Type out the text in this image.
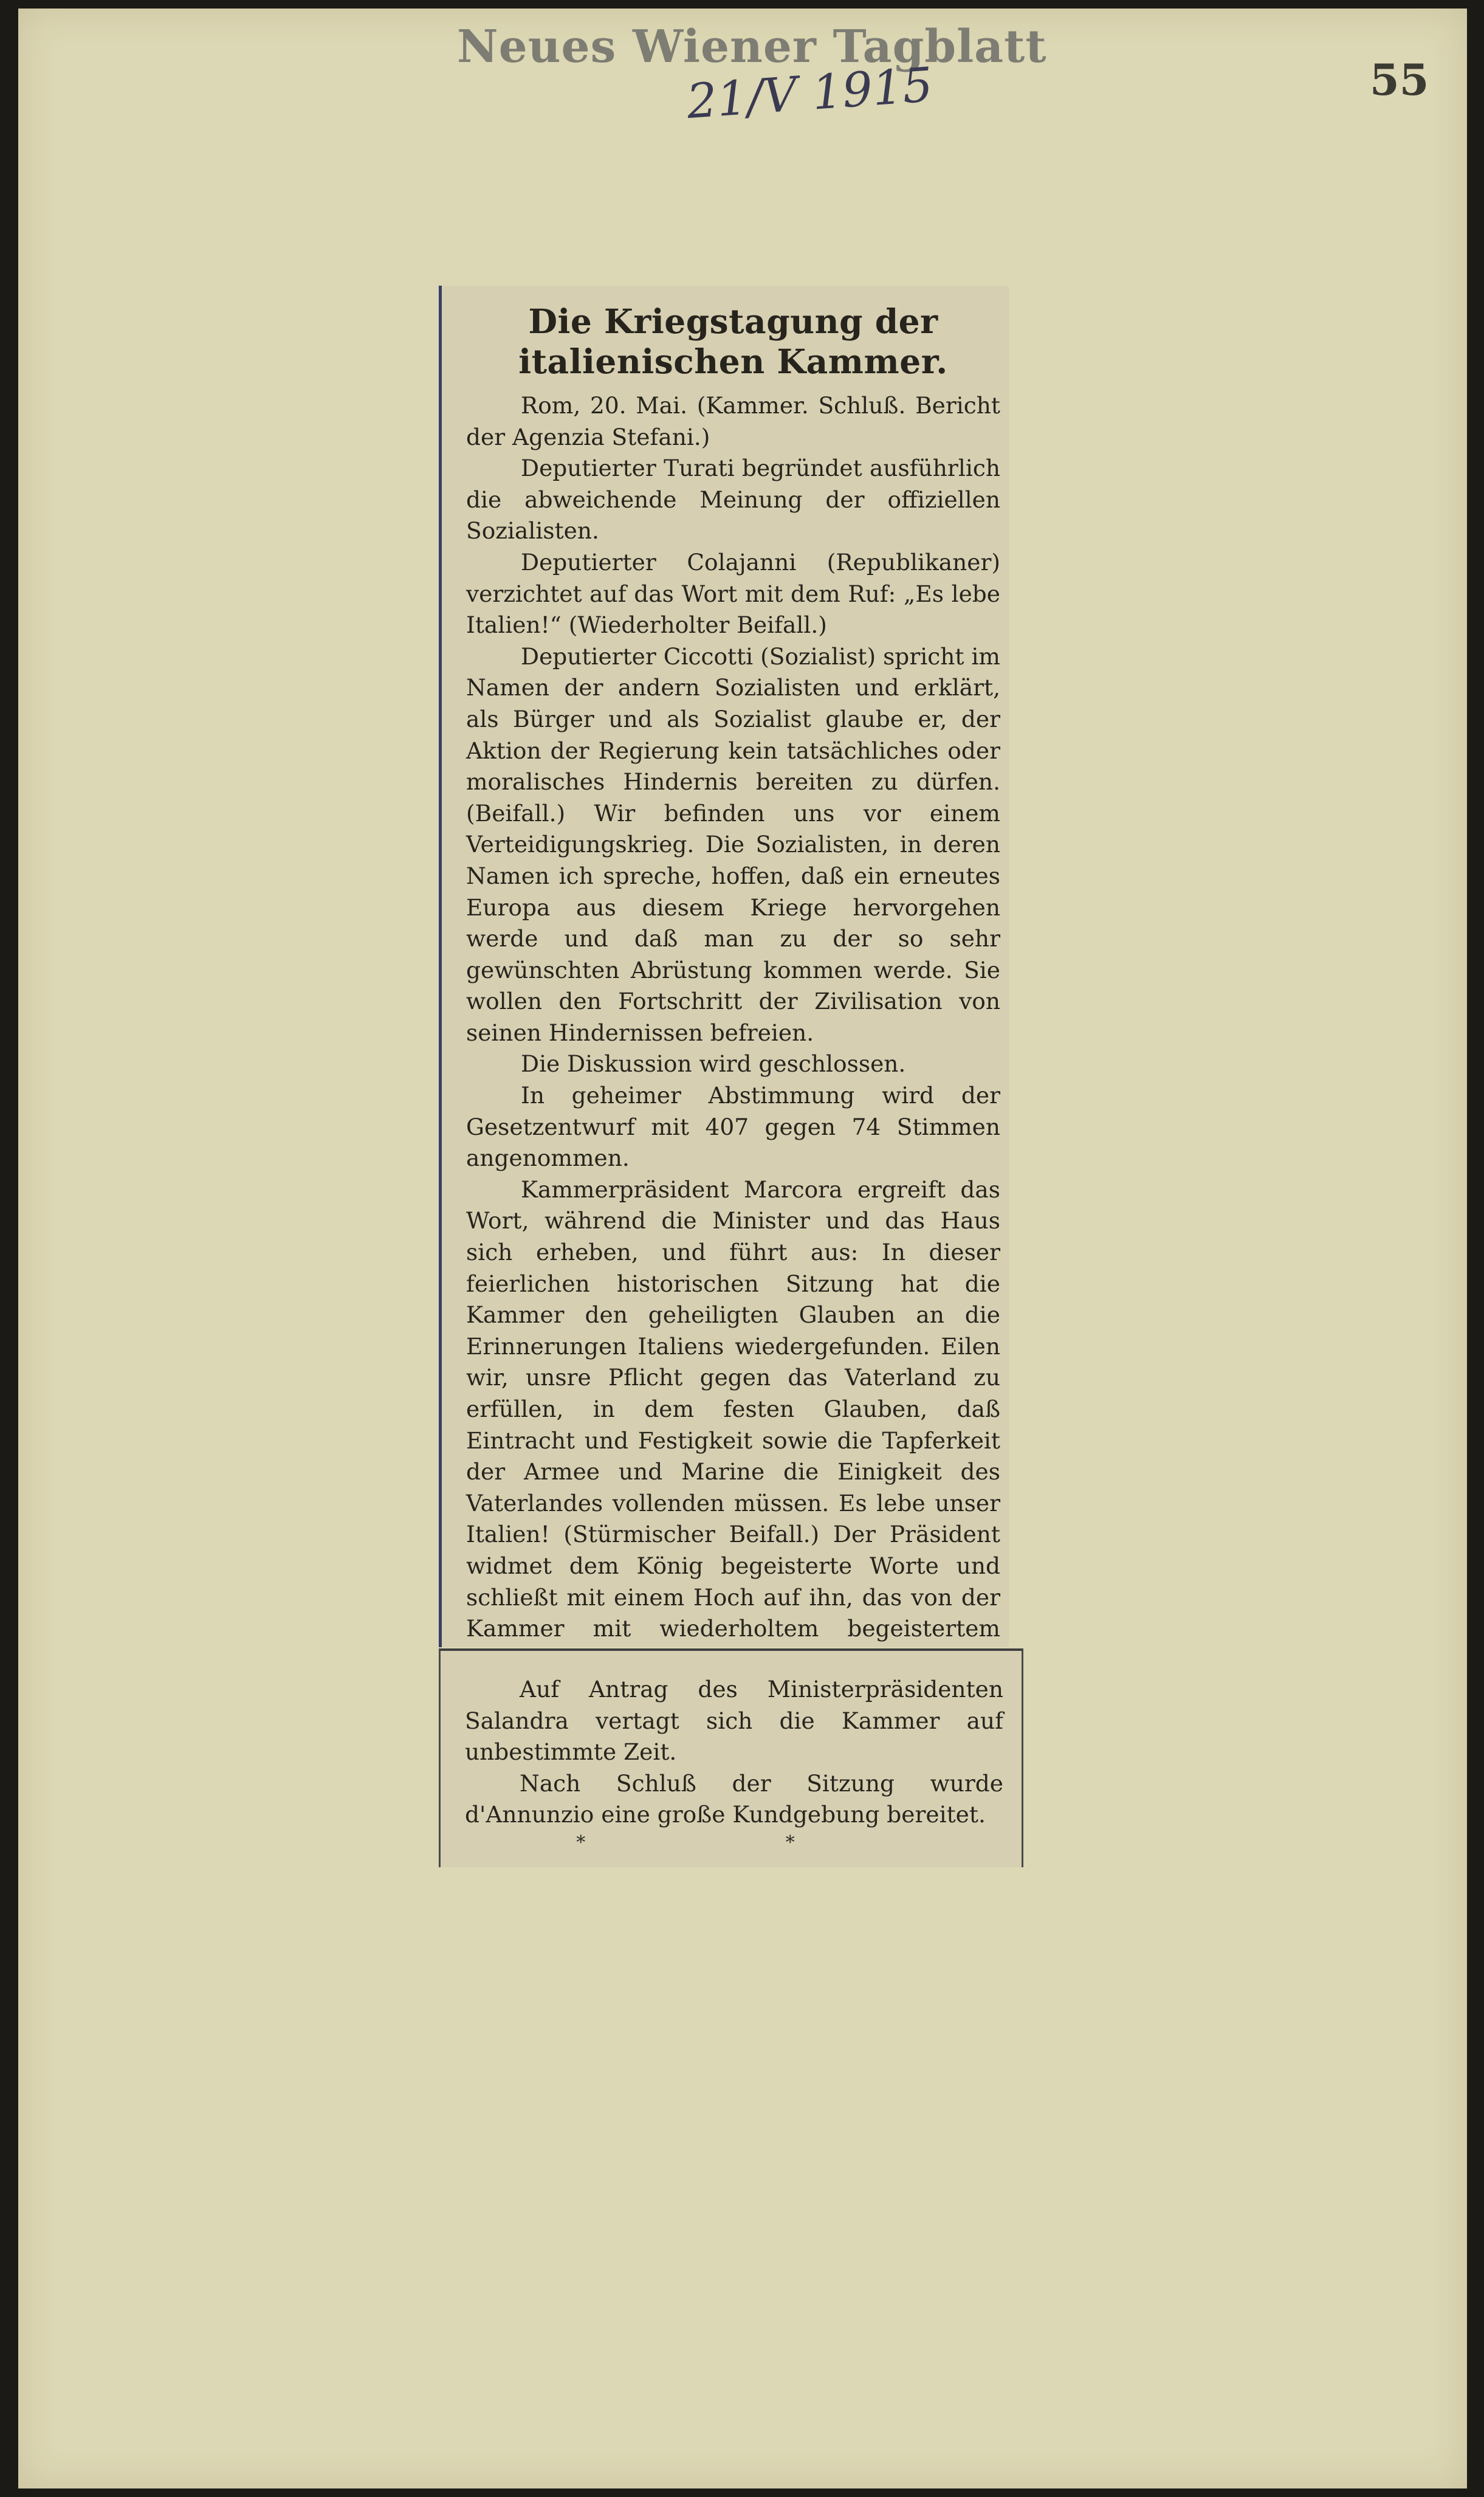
Neues Wiener Tagblatt
21/V 1915	55
Die Kriegstagung der italienischen Kammer.

Rom, 20. Mai. (Kammer. Schluß. Bericht der Agenzia Stefani.)

Deputierter Turati begründet ausführlich die abweichende Meinung der offiziellen Sozialisten.

Deputierter Colajanni (Republikaner) verzichtet auf das Wort mit dem Ruf: „Es lebe Italien!“ (Wiederholter Beifall.)

Deputierter Ciccotti (Sozialist) spricht im Namen der andern Sozialisten und erklärt, als Bürger und als Sozialist glaube er, der Aktion der Regierung kein tatsächliches oder moralisches Hindernis bereiten zu dürfen. (Beifall.) Wir befinden uns vor einem Verteidigungskrieg. Die Sozialisten, in deren Namen ich spreche, hoffen, daß ein erneutes Europa aus diesem Kriege hervorgehen werde und daß man zu der so sehr gewünschten Abrüstung kommen werde. Sie wollen den Fortschritt der Zivilisation von seinen Hindernissen befreien.

Die Diskussion wird geschlossen.

In geheimer Abstimmung wird der Gesetzentwurf mit 407 gegen 74 Stimmen angenommen.

Kammerpräsident Marcora ergreift das Wort, während die Minister und das Haus sich erheben, und führt aus: In dieser feierlichen historischen Sitzung hat die Kammer den geheiligten Glauben an die Erinnerungen Italiens wiedergefunden. Eilen wir, unsre Pflicht gegen das Vaterland zu erfüllen, in dem festen Glauben, daß Eintracht und Festigkeit sowie die Tapferkeit der Armee und Marine die Einigkeit des Vaterlandes vollenden müssen. Es lebe unser Italien! (Stürmischer Beifall.) Der Präsident widmet dem König begeisterte Worte und schließt mit einem Hoch auf ihn, das von der Kammer mit wiederholtem begeistertem

Auf Antrag des Ministerpräsidenten Salandra vertagt sich die Kammer auf unbestimmte Zeit.

Nach Schluß der Sitzung wurde d'Annunzio eine große Kundgebung bereitet.

* *
